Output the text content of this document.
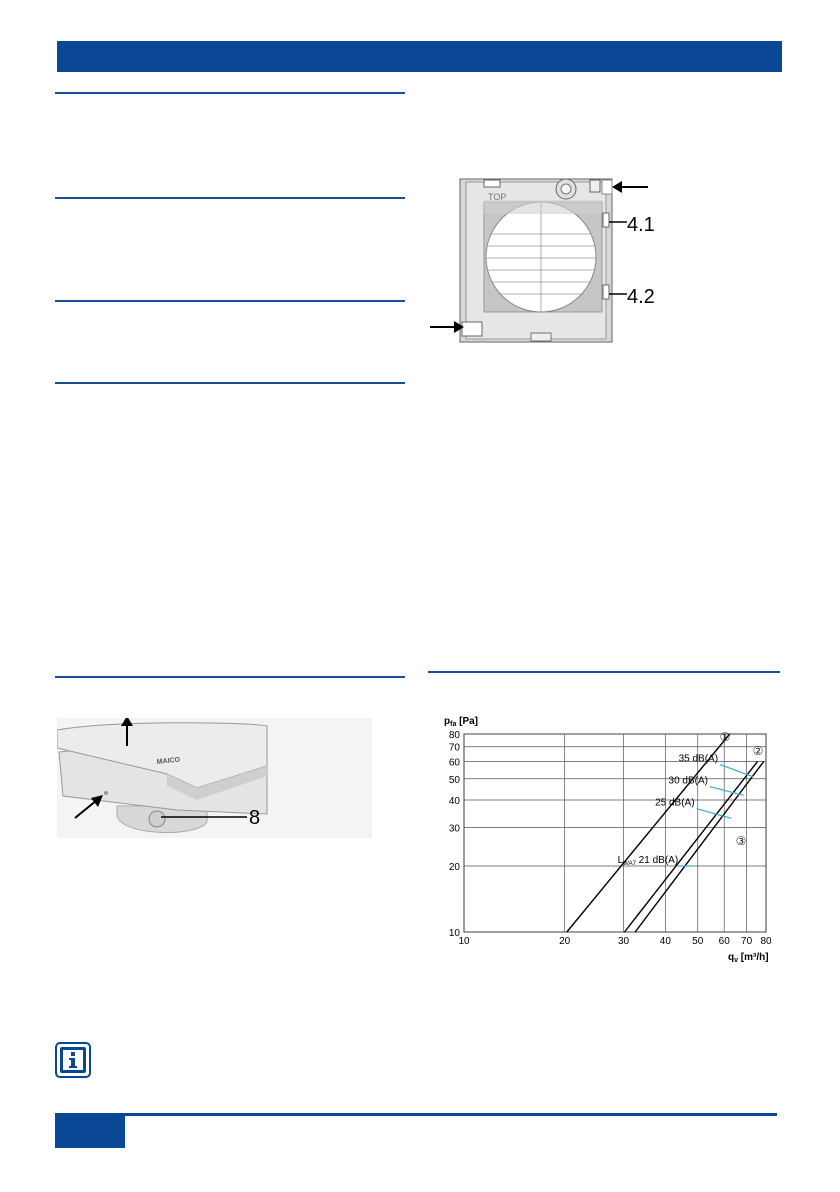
TOP
4.1
4.2
MAICO
8
$p_{fa}$ [Pa]
$q_v$ [m³/h]
10	20	30	40 50 60 70 80
10
20
30
40
50
60
70
80	①
②
③
35 dB(A)
30 dB(A)
25 dB(A)
$L_{WA7}$ 21 dB(A)
